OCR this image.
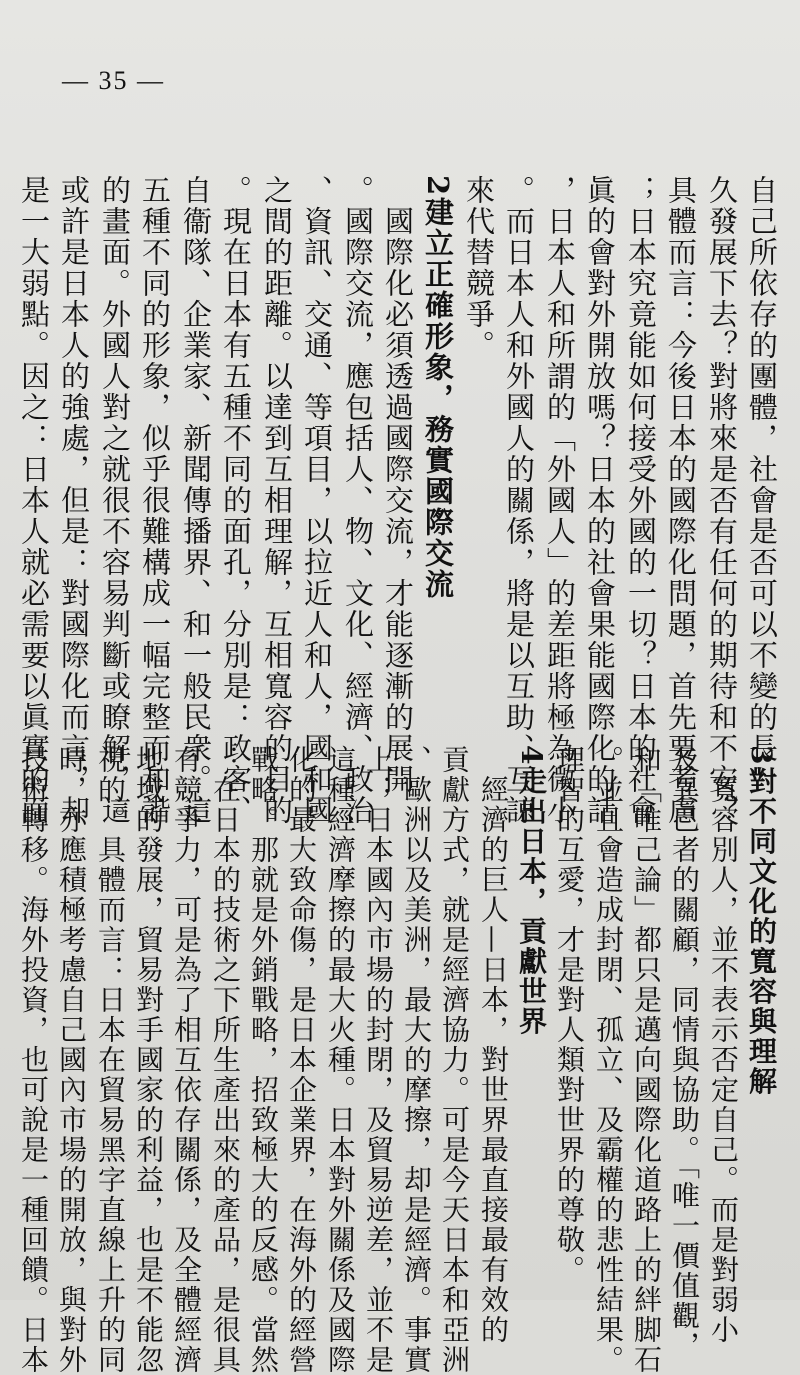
— 35 —
自己所依存的團體，社會是否可以不變的長
久發展下去？對將來是否有任何的期待和不安？
具體而言：今後日本的國際化問題，首先要考慮
；日本究竟能如何接受外國的一切？日本的社會
眞的會對外開放嗎？日本的社會果能國際化的話
，日本人和所謂的「外國人」的差距將極為微小
。而日本人和外國人的關係，將是以互助、互諒
來代替競爭。
2建立正確形象，務實國際交流
　國際化必須透過國際交流，才能逐漸的展開
。國際交流，應包括人、物、文化、經濟、政治
、資訊、交通、等項目，以拉近人和人，國和國
之間的距離。以達到互相理解，互相寬容的目的
。現在日本有五種不同的面孔，分別是：政客、
自衞隊、企業家、新聞傳播界、和一般民衆。這
五種不同的形象，似乎很難構成一幅完整而和諧
的畫面。外國人對之就很不容易判斷或瞭解，這
或許是日本人的強處，但是：對國際化而言，却
是一大弱點。因之：日本人就必需要以眞實的面
3對不同文化的寬容與理解
　寬容別人，並不表示否定自己。而是對弱小
及異己者的關顧，同情與協助。「唯一價值觀，
和「唯己論」都只是邁向國際化道路上的絆脚石
。並且會造成封閉、孤立、及霸權的悲性結果。
理智的互愛，才是對人類對世界的尊敬。
4走出日本，貢獻世界
　經濟的巨人—日本，對世界最直接最有效的
貢獻方式，就是經濟協力。可是今天日本和亞洲
、歐洲以及美洲，最大的摩擦，却是經濟。事實
上；日本國內市場的封閉，及貿易逆差，並不是
這種經濟摩擦的最大火種。日本對外關係及國際
化的最大致命傷，是日本企業界，在海外的經營
戰略。那就是外銷戰略，招致極大的反感。當然
：在日本的技術之下所生產出來的產品，是很具
有競爭力，可是為了相互依存關係，及全體經濟
地域的發展，貿易對手國家的利益，也是不能忽
視的。具體而言：日本在貿易黑字直線上升的同
時，亦應積極考慮自己國內市場的開放，與對外
技術轉移。海外投資，也可說是一種回饋。日本
